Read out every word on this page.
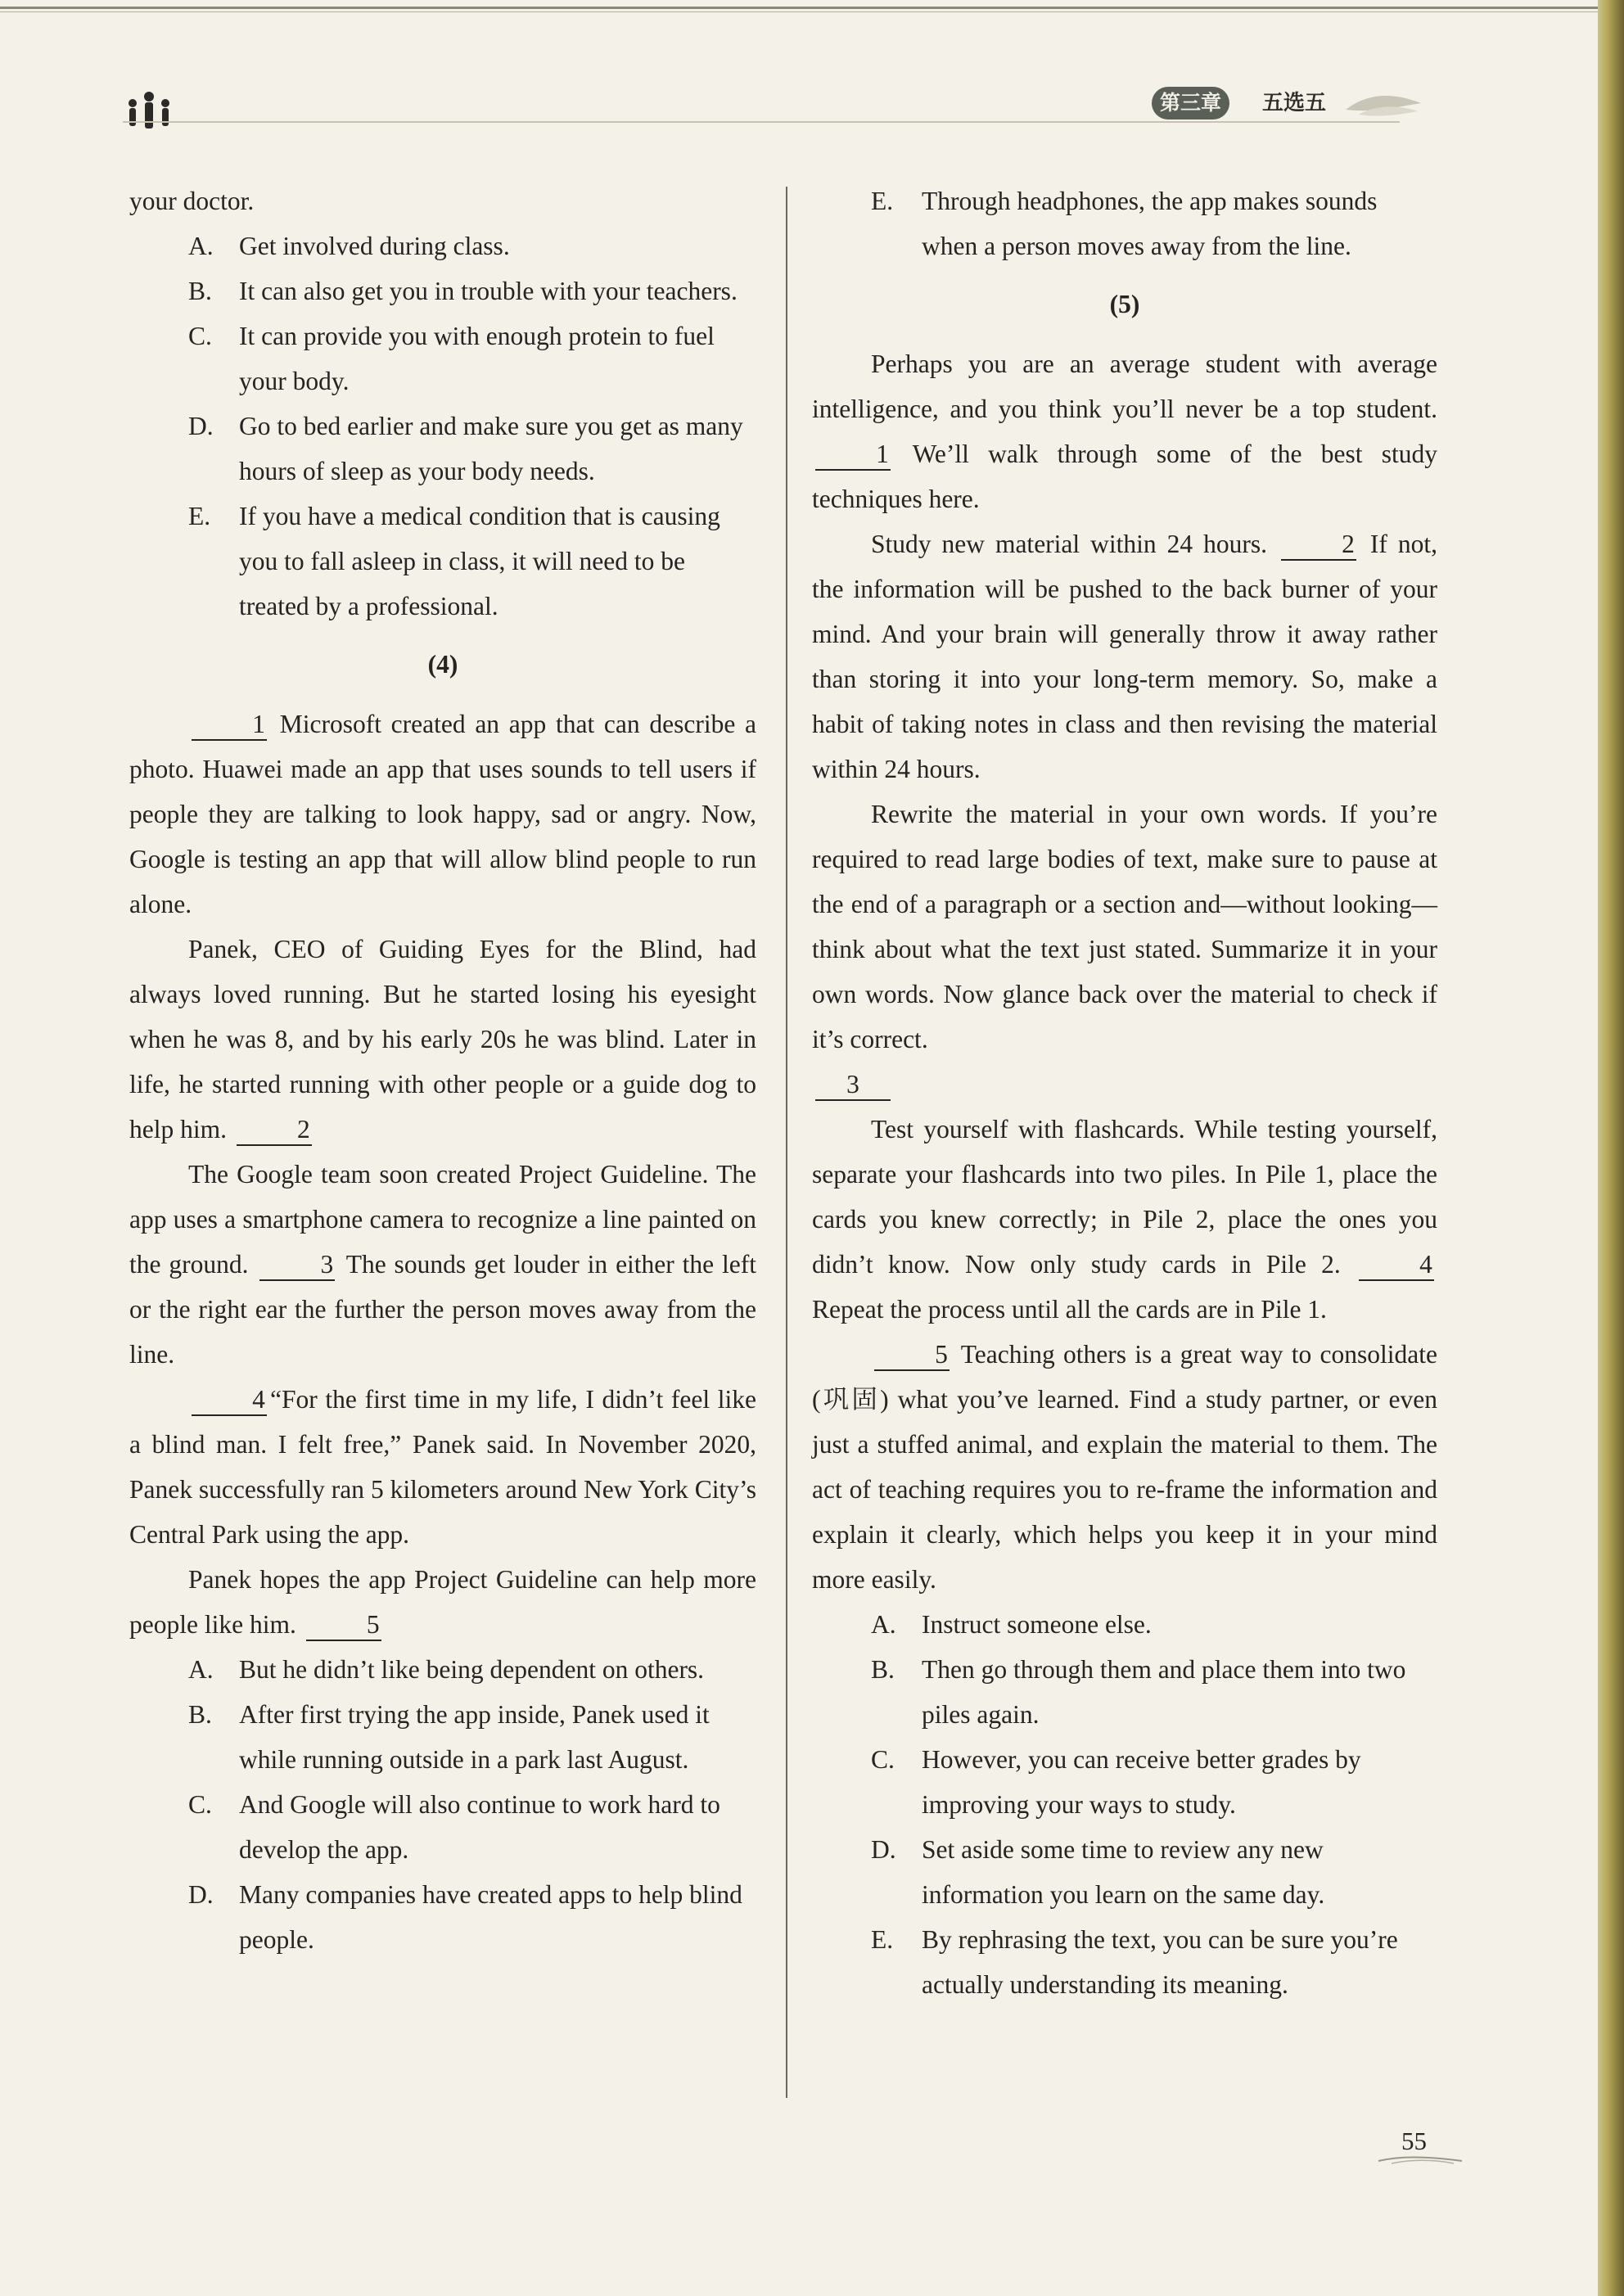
第三章	五选五

your doctor.

A. Get involved during class.
B. It can also get you in trouble with your teachers.
C. It can provide you with enough protein to fuel your body.
D. Go to bed earlier and make sure you get as many hours of sleep as your body needs.
E. If you have a medical condition that is causing you to fall asleep in class, it will need to be treated by a professional.
(4)

1 Microsoft created an app that can describe a photo. Huawei made an app that uses sounds to tell users if people they are talking to look happy, sad or angry. Now, Google is testing an app that will allow blind people to run alone.

Panek, CEO of Guiding Eyes for the Blind, had always loved running. But he started losing his eyesight when he was 8, and by his early 20s he was blind. Later in life, he started running with other people or a guide dog to help him.	2

The Google team soon created Project Guideline. The app uses a smartphone camera to recognize a line painted on the ground.	3 The sounds get louder in either the left or the right ear the further the person moves away from the line.

4 “For the first time in my life, I didn’t feel like a blind man. I felt free,” Panek said. In November 2020, Panek successfully ran 5 kilometers around New York City’s Central Park using the app.

Panek hopes the app Project Guideline can help more people like him.	5

A. But he didn’t like being dependent on others.
B. After first trying the app inside, Panek used it while running outside in a park last August.
C. And Google will also continue to work hard to develop the app.
D. Many companies have created apps to help blind people.
E. Through headphones, the app makes sounds when a person moves away from the line.
(5)

Perhaps you are an average student with average intelligence, and you think you’ll never be a top student. 1 We’ll walk through some of the best study techniques here.

Study new material within 24 hours.	2 If not, the information will be pushed to the back burner of your mind. And your brain will generally throw it away rather than storing it into your long-term memory. So, make a habit of taking notes in class and then revising the material within 24 hours.

Rewrite the material in your own words. If you’re required to read large bodies of text, make sure to pause at the end of a paragraph or a section and—without looking—think about what the text just stated. Summarize it in your own words. Now glance back over the material to check if it’s correct.

3

Test yourself with flashcards. While testing yourself, separate your flashcards into two piles. In Pile 1, place the cards you knew correctly; in Pile 2, place the ones you didn’t know. Now only study cards in Pile 2.	4 Repeat the process until all the cards are in Pile 1.

5 Teaching others is a great way to consolidate (巩固) what you’ve learned. Find a study partner, or even just a stuffed animal, and explain the material to them. The act of teaching requires you to re-frame the information and explain it clearly, which helps you keep it in your mind more easily.

A. Instruct someone else.
B. Then go through them and place them into two piles again.
C. However, you can receive better grades by improving your ways to study.
D. Set aside some time to review any new information you learn on the same day.
E. By rephrasing the text, you can be sure you’re actually understanding its meaning.
55
